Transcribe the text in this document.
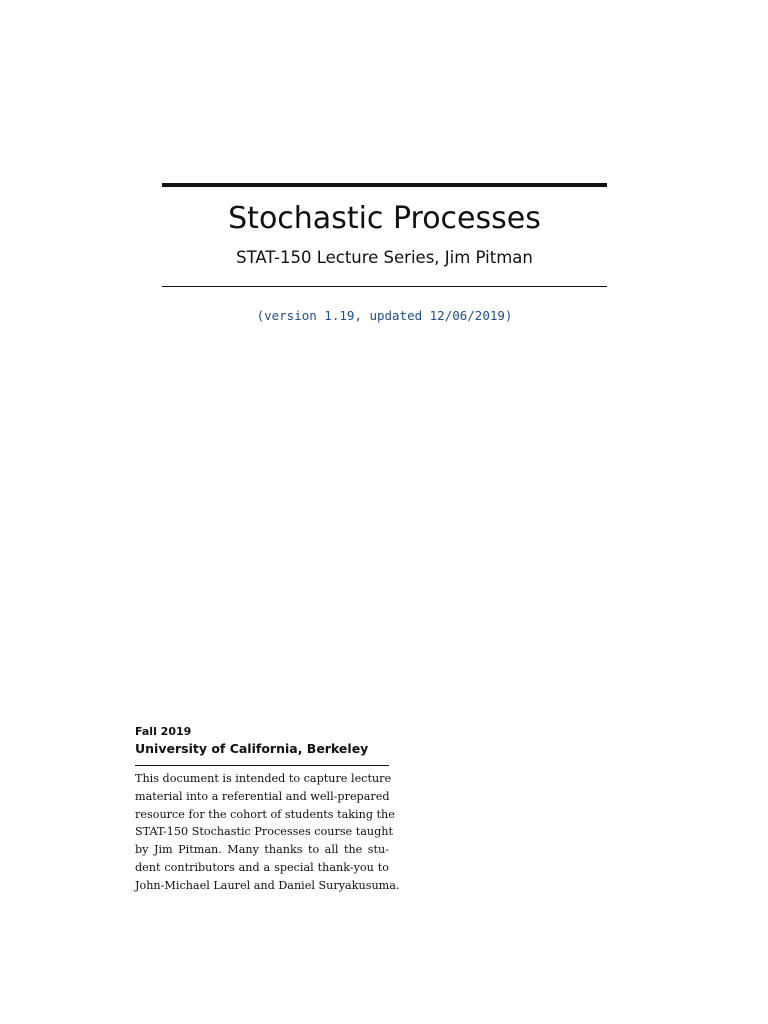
Stochastic Processes
STAT-150 Lecture Series, Jim Pitman
(version 1.19, updated 12/06/2019)
Fall 2019
University of California, Berkeley
This document is intended to capture lecture
material into a referential and well-prepared
resource for the cohort of students taking the
STAT-150 Stochastic Processes course taught
by Jim Pitman. Many thanks to all the stu-
dent contributors and a special thank-you to
John-Michael Laurel and Daniel Suryakusuma.
